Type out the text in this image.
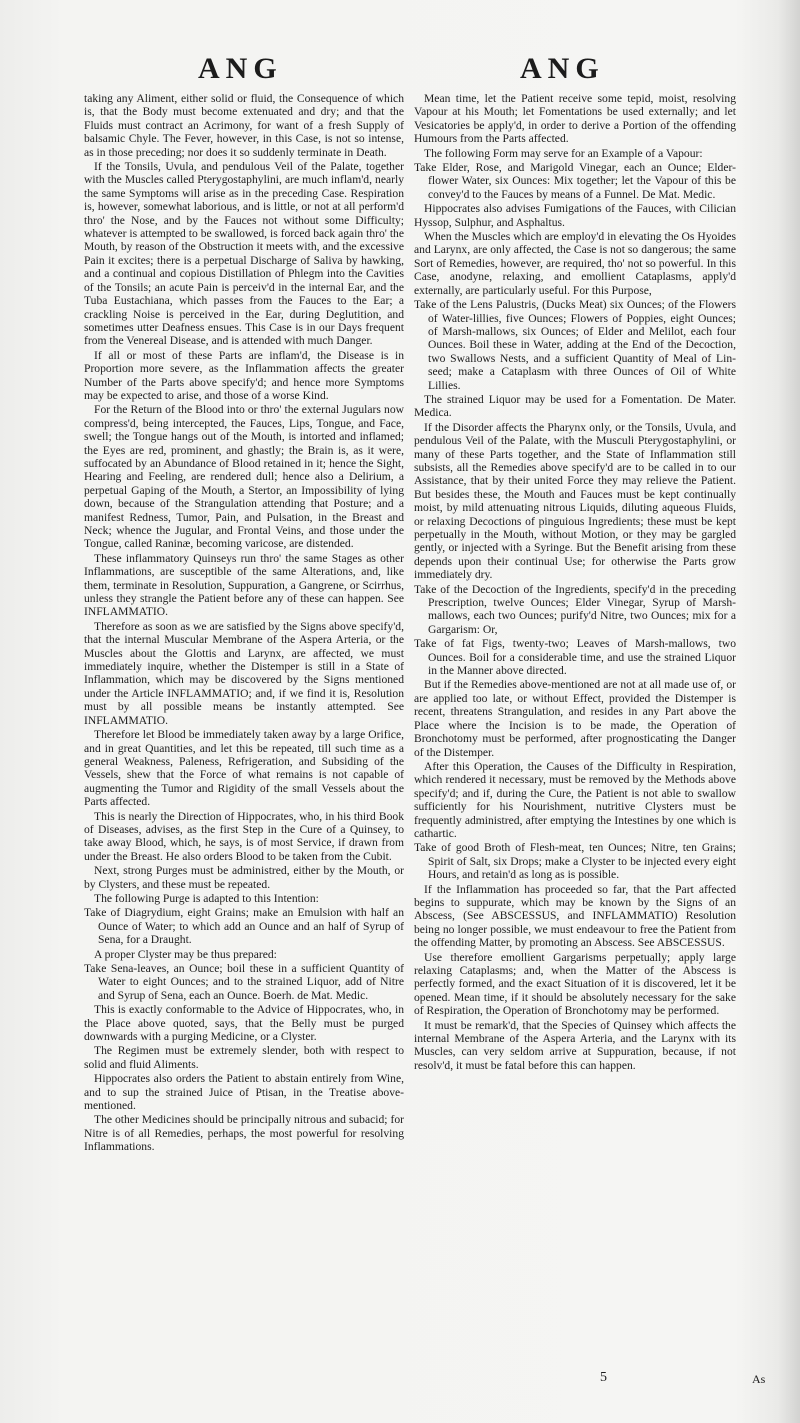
ANG	ANG

taking any Aliment, either solid or fluid, the Consequence of which is, that the Body must become extenuated and dry; and that the Fluids must contract an Acrimony, for want of a fresh Supply of balsamic Chyle. The Fever, however, in this Case, is not so intense, as in those preceding; nor does it so suddenly terminate in Death.

If the Tonsils, Uvula, and pendulous Veil of the Palate, together with the Muscles called Pterygostaphylini, are much inflam'd, nearly the same Symptoms will arise as in the preceding Case. Respiration is, however, somewhat laborious, and is little, or not at all perform'd thro' the Nose, and by the Fauces not without some Difficulty; whatever is attempted to be swallowed, is forced back again thro' the Mouth, by reason of the Obstruction it meets with, and the excessive Pain it excites; there is a perpetual Discharge of Saliva by hawking, and a continual and copious Distillation of Phlegm into the Cavities of the Tonsils; an acute Pain is perceiv'd in the internal Ear, and the Tuba Eustachiana, which passes from the Fauces to the Ear; a crackling Noise is perceived in the Ear, during Deglutition, and sometimes utter Deafness ensues. This Case is in our Days frequent from the Venereal Disease, and is attended with much Danger.

If all or most of these Parts are inflam'd, the Disease is in Proportion more severe, as the Inflammation affects the greater Number of the Parts above specify'd; and hence more Symptoms may be expected to arise, and those of a worse Kind.

For the Return of the Blood into or thro' the external Jugulars now compress'd, being intercepted, the Fauces, Lips, Tongue, and Face, swell; the Tongue hangs out of the Mouth, is intorted and inflamed; the Eyes are red, prominent, and ghastly; the Brain is, as it were, suffocated by an Abundance of Blood retained in it; hence the Sight, Hearing and Feeling, are rendered dull; hence also a Delirium, a perpetual Gaping of the Mouth, a Stertor, an Impossibility of lying down, because of the Strangulation attending that Posture; and a manifest Redness, Tumor, Pain, and Pulsation, in the Breast and Neck; whence the Jugular, and Frontal Veins, and those under the Tongue, called Raninæ, becoming varicose, are distended.

These inflammatory Quinseys run thro' the same Stages as other Inflammations, are susceptible of the same Alterations, and, like them, terminate in Resolution, Suppuration, a Gangrene, or Scirrhus, unless they strangle the Patient before any of these can happen. See INFLAMMATIO.

Therefore as soon as we are satisfied by the Signs above specify'd, that the internal Muscular Membrane of the Aspera Arteria, or the Muscles about the Glottis and Larynx, are affected, we must immediately inquire, whether the Distemper is still in a State of Inflammation, which may be discovered by the Signs mentioned under the Article INFLAMMATIO; and, if we find it is, Resolution must by all possible means be instantly attempted. See INFLAMMATIO.

Therefore let Blood be immediately taken away by a large Orifice, and in great Quantities, and let this be repeated, till such time as a general Weakness, Paleness, Refrigeration, and Subsiding of the Vessels, shew that the Force of what remains is not capable of augmenting the Tumor and Rigidity of the small Vessels about the Parts affected.

This is nearly the Direction of Hippocrates, who, in his third Book of Diseases, advises, as the first Step in the Cure of a Quinsey, to take away Blood, which, he says, is of most Service, if drawn from under the Breast. He also orders Blood to be taken from the Cubit.

Next, strong Purges must be administred, either by the Mouth, or by Clysters, and these must be repeated.

The following Purge is adapted to this Intention:

Take of Diagrydium, eight Grains; make an Emulsion with half an Ounce of Water; to which add an Ounce and an half of Syrup of Sena, for a Draught.

A proper Clyster may be thus prepared:

Take Sena-leaves, an Ounce; boil these in a sufficient Quantity of Water to eight Ounces; and to the strained Liquor, add of Nitre and Syrup of Sena, each an Ounce. Boerh. de Mat. Medic.

This is exactly conformable to the Advice of Hippocrates, who, in the Place above quoted, says, that the Belly must be purged downwards with a purging Medicine, or a Clyster.

The Regimen must be extremely slender, both with respect to solid and fluid Aliments.

Hippocrates also orders the Patient to abstain entirely from Wine, and to sup the strained Juice of Ptisan, in the Treatise above-mentioned.

The other Medicines should be principally nitrous and subacid; for Nitre is of all Remedies, perhaps, the most powerful for resolving Inflammations.

Mean time, let the Patient receive some tepid, moist, resolving Vapour at his Mouth; let Fomentations be used externally; and let Vesicatories be apply'd, in order to derive a Portion of the offending Humours from the Parts affected.

The following Form may serve for an Example of a Vapour:

Take Elder, Rose, and Marigold Vinegar, each an Ounce; Elder-flower Water, six Ounces: Mix together; let the Vapour of this be convey'd to the Fauces by means of a Funnel. De Mat. Medic.

Hippocrates also advises Fumigations of the Fauces, with Cilician Hyssop, Sulphur, and Asphaltus.

When the Muscles which are employ'd in elevating the Os Hyoides and Larynx, are only affected, the Case is not so dangerous; the same Sort of Remedies, however, are required, tho' not so powerful. In this Case, anodyne, relaxing, and emollient Cataplasms, apply'd externally, are particularly useful. For this Purpose,

Take of the Lens Palustris, (Ducks Meat) six Ounces; of the Flowers of Water-lillies, five Ounces; Flowers of Poppies, eight Ounces; of Marsh-mallows, six Ounces; of Elder and Melilot, each four Ounces. Boil these in Water, adding at the End of the Decoction, two Swallows Nests, and a sufficient Quantity of Meal of Lin-seed; make a Cataplasm with three Ounces of Oil of White Lillies.

The strained Liquor may be used for a Fomentation. De Mater. Medica.

If the Disorder affects the Pharynx only, or the Tonsils, Uvula, and pendulous Veil of the Palate, with the Musculi Pterygostaphylini, or many of these Parts together, and the State of Inflammation still subsists, all the Remedies above specify'd are to be called in to our Assistance, that by their united Force they may relieve the Patient. But besides these, the Mouth and Fauces must be kept continually moist, by mild attenuating nitrous Liquids, diluting aqueous Fluids, or relaxing Decoctions of pinguious Ingredients; these must be kept perpetually in the Mouth, without Motion, or they may be gargled gently, or injected with a Syringe. But the Benefit arising from these depends upon their continual Use; for otherwise the Parts grow immediately dry.

Take of the Decoction of the Ingredients, specify'd in the preceding Prescription, twelve Ounces; Elder Vinegar, Syrup of Marsh-mallows, each two Ounces; purify'd Nitre, two Ounces; mix for a Gargarism: Or,

Take of fat Figs, twenty-two; Leaves of Marsh-mallows, two Ounces. Boil for a considerable time, and use the strained Liquor in the Manner above directed.

But if the Remedies above-mentioned are not at all made use of, or are applied too late, or without Effect, provided the Distemper is recent, threatens Strangulation, and resides in any Part above the Place where the Incision is to be made, the Operation of Bronchotomy must be performed, after prognosticating the Danger of the Distemper.

After this Operation, the Causes of the Difficulty in Respiration, which rendered it necessary, must be removed by the Methods above specify'd; and if, during the Cure, the Patient is not able to swallow sufficiently for his Nourishment, nutritive Clysters must be frequently administred, after emptying the Intestines by one which is cathartic.

Take of good Broth of Flesh-meat, ten Ounces; Nitre, ten Grains; Spirit of Salt, six Drops; make a Clyster to be injected every eight Hours, and retain'd as long as is possible.

If the Inflammation has proceeded so far, that the Part affected begins to suppurate, which may be known by the Signs of an Abscess, (See ABSCESSUS, and INFLAMMATIO) Resolution being no longer possible, we must endeavour to free the Patient from the offending Matter, by promoting an Abscess. See ABSCESSUS.

Use therefore emollient Gargarisms perpetually; apply large relaxing Cataplasms; and, when the Matter of the Abscess is perfectly formed, and the exact Situation of it is discovered, let it be opened. Mean time, if it should be absolutely necessary for the sake of Respiration, the Operation of Bronchotomy may be performed.

It must be remark'd, that the Species of Quinsey which affects the internal Membrane of the Aspera Arteria, and the Larynx with its Muscles, can very seldom arrive at Suppuration, because, if not resolv'd, it must be fatal before this can happen.

5	As
